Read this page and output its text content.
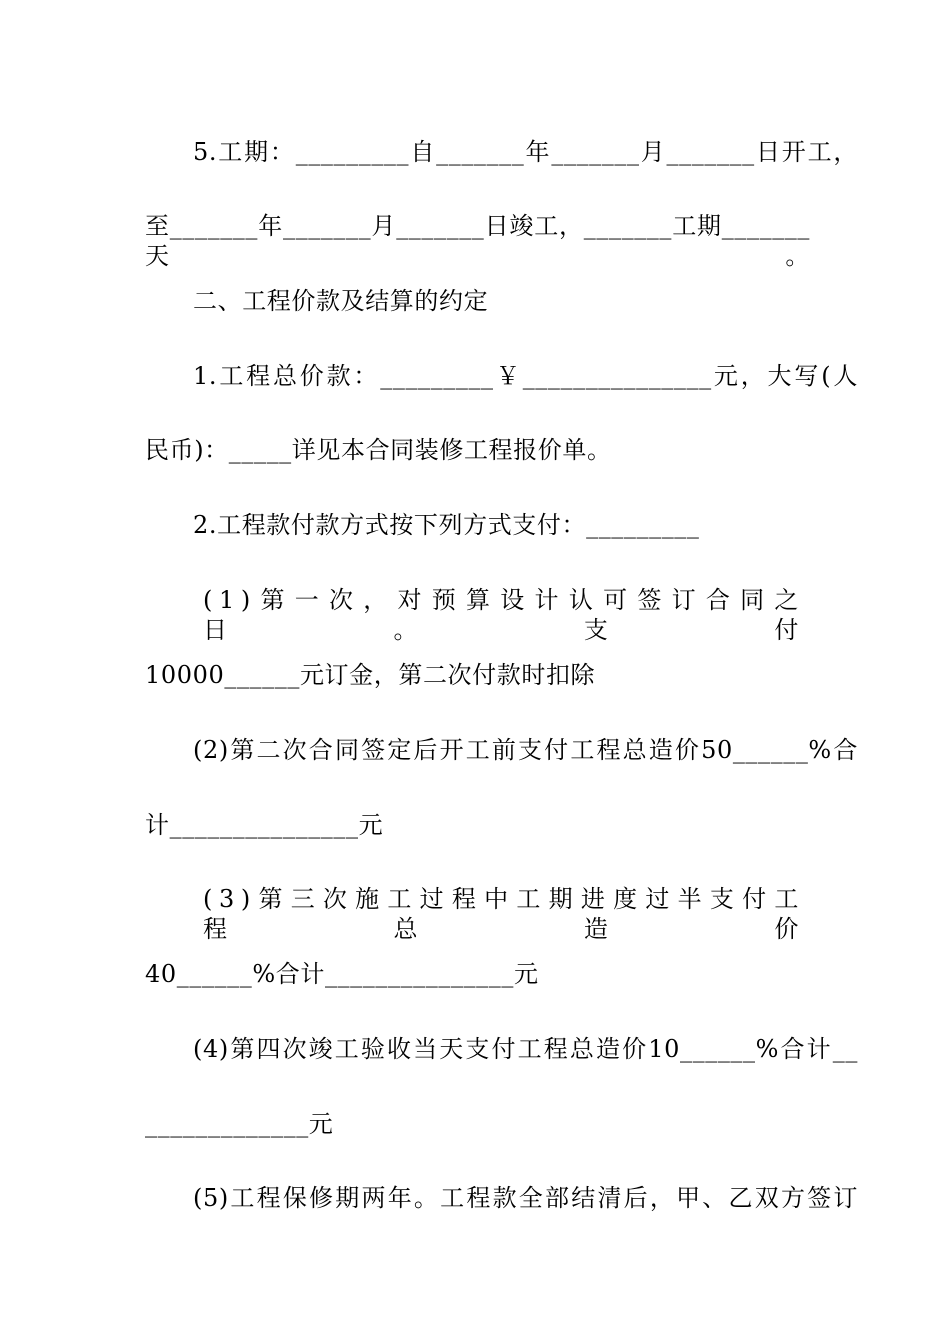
5.工期：_________自_______年_______月_______日开工，
至_______年_______月_______日竣工，_______工期_______天。
二、工程价款及结算的约定
1.工程总价款：_________￥_______________元，大写(人
民币)：_____详见本合同装修工程报价单。
2.工程款付款方式按下列方式支付：_________
(1)第一次，对预算设计认可签订合同之日。支付
10000______元订金，第二次付款时扣除
(2)第二次合同签定后开工前支付工程总造价50______%合
计_______________元
(3)第三次施工过程中工期进度过半支付工程总造价
40______%合计_______________元
(4)第四次竣工验收当天支付工程总造价10______%合计__
_____________元
(5)工程保修期两年。工程款全部结清后，甲、乙双方签订
